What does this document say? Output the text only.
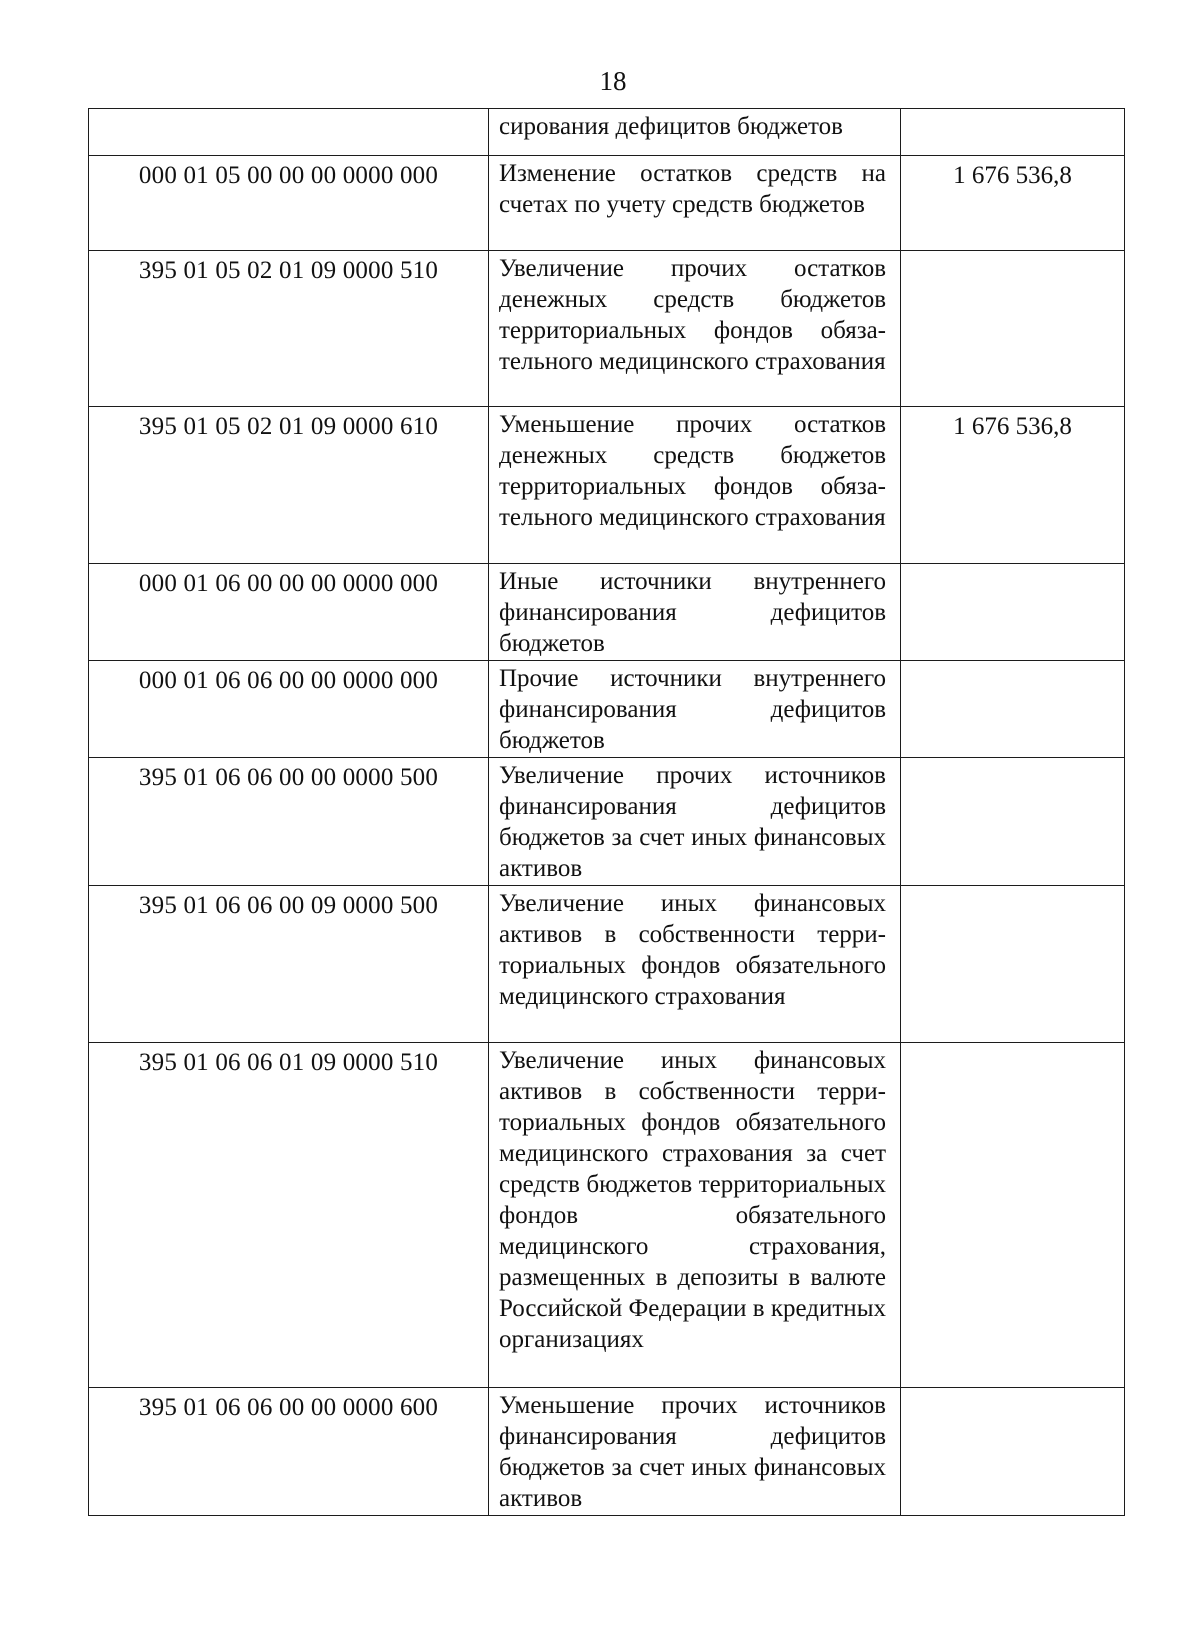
18
	сирования дефицитов бюджетов	
000 01 05 00 00 00 0000 000	Изменение остатков средств на счетах по учету средств бюджетов	1 676 536,8
395 01 05 02 01 09 0000 510	Увеличение прочих остатков денежных средств бюджетов территориальных фондов обязательного медицинского страхования	
395 01 05 02 01 09 0000 610	Уменьшение прочих остатков денежных средств бюджетов территориальных фондов обязательного медицинского страхования	1 676 536,8
000 01 06 00 00 00 0000 000	Иные источники внутреннего финансирования дефицитов бюджетов	
000 01 06 06 00 00 0000 000	Прочие источники внутреннего финансирования дефицитов бюджетов	
395 01 06 06 00 00 0000 500	Увеличение прочих источников финансирования дефицитов бюджетов за счет иных финансовых активов	
395 01 06 06 00 09 0000 500	Увеличение иных финансовых активов в собственности территориальных фондов обязательного медицинского страхования	
395 01 06 06 01 09 0000 510	Увеличение иных финансовых активов в собственности территориальных фондов обязательного медицинского страхования за счет средств бюджетов территориальных фондов обязательного медицинского страхования, размещенных в депозиты в валюте Российской Федерации в кредитных организациях	
395 01 06 06 00 00 0000 600	Уменьшение прочих источников финансирования дефицитов бюджетов за счет иных финансовых активов	
